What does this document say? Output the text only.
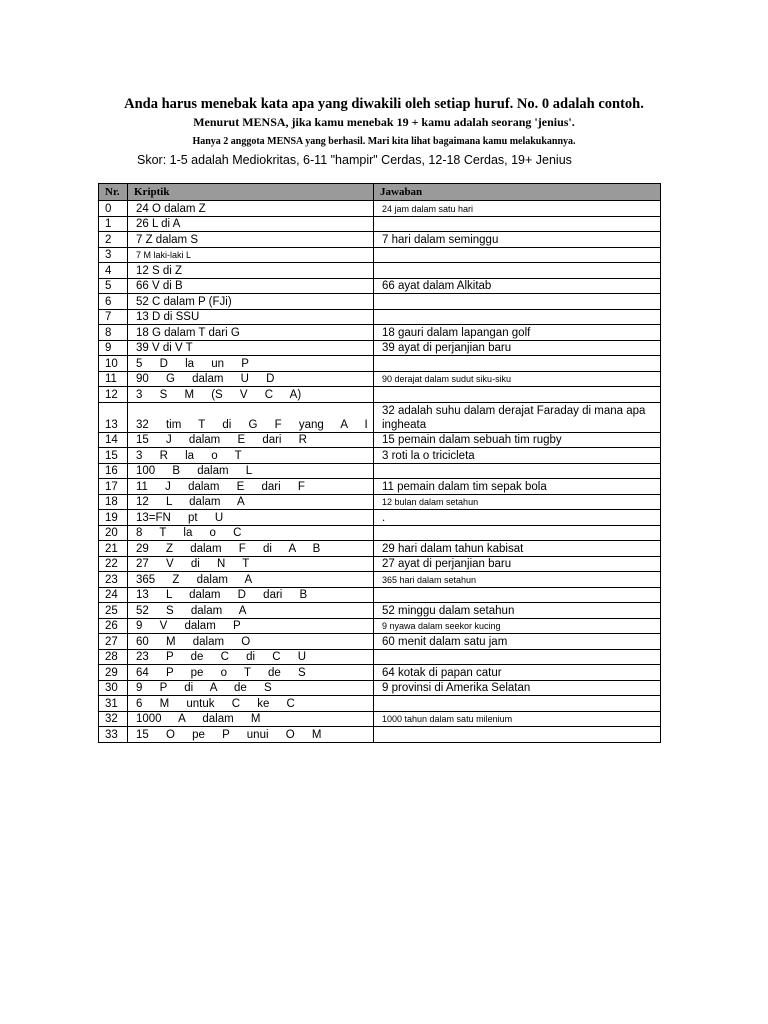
Anda harus menebak kata apa yang diwakili oleh setiap huruf. No. 0 adalah contoh.
Menurut MENSA, jika kamu menebak 19 + kamu adalah seorang 'jenius'.
Hanya 2 anggota MENSA yang berhasil. Mari kita lihat bagaimana kamu melakukannya.
Skor: 1-5 adalah Mediokritas, 6-11 "hampir" Cerdas, 12-18 Cerdas, 19+ Jenius
Nr.	Kriptik	Jawaban
0	24 O dalam Z	24 jam dalam satu hari
1	26 L di A	
2	7 Z dalam S	7 hari dalam seminggu
3	7 M laki-laki L	
4	12 S di Z	
5	66 V di B	66 ayat dalam Alkitab
6	52 C dalam P (FJi)	
7	13 D di SSU	
8	18 G dalam T dari G	18 gauri dalam lapangan golf
9	39 V di V T	39 ayat di perjanjian baru
10	5 D la un P	
11	90 G dalam U D	90 derajat dalam sudut siku-siku
12	3 S M (S V C A)	
13	32 tim T di G F yang A I	32 adalah suhu dalam derajat Faraday di mana apa ingheata
14	15 J dalam E dari R	15 pemain dalam sebuah tim rugby
15	3 R la o T	3 roti la o tricicleta
16	100 B dalam L	
17	11 J dalam E dari F	11 pemain dalam tim sepak bola
18	12 L dalam A	12 bulan dalam setahun
19	13=FN pt U	.
20	8 T la o C	
21	29 Z dalam F di A B	29 hari dalam tahun kabisat
22	27 V di N T	27 ayat di perjanjian baru
23	365 Z dalam A	365 hari dalam setahun
24	13 L dalam D dari B	
25	52 S dalam A	52 minggu dalam setahun
26	9 V dalam P	9 nyawa dalam seekor kucing
27	60 M dalam O	60 menit dalam satu jam
28	23 P de C di C U	
29	64 P pe o T de S	64 kotak di papan catur
30	9 P di A de S	9 provinsi di Amerika Selatan
31	6 M untuk C ke C	
32	1000 A dalam M	1000 tahun dalam satu milenium
33	15 O pe P unui O M	
